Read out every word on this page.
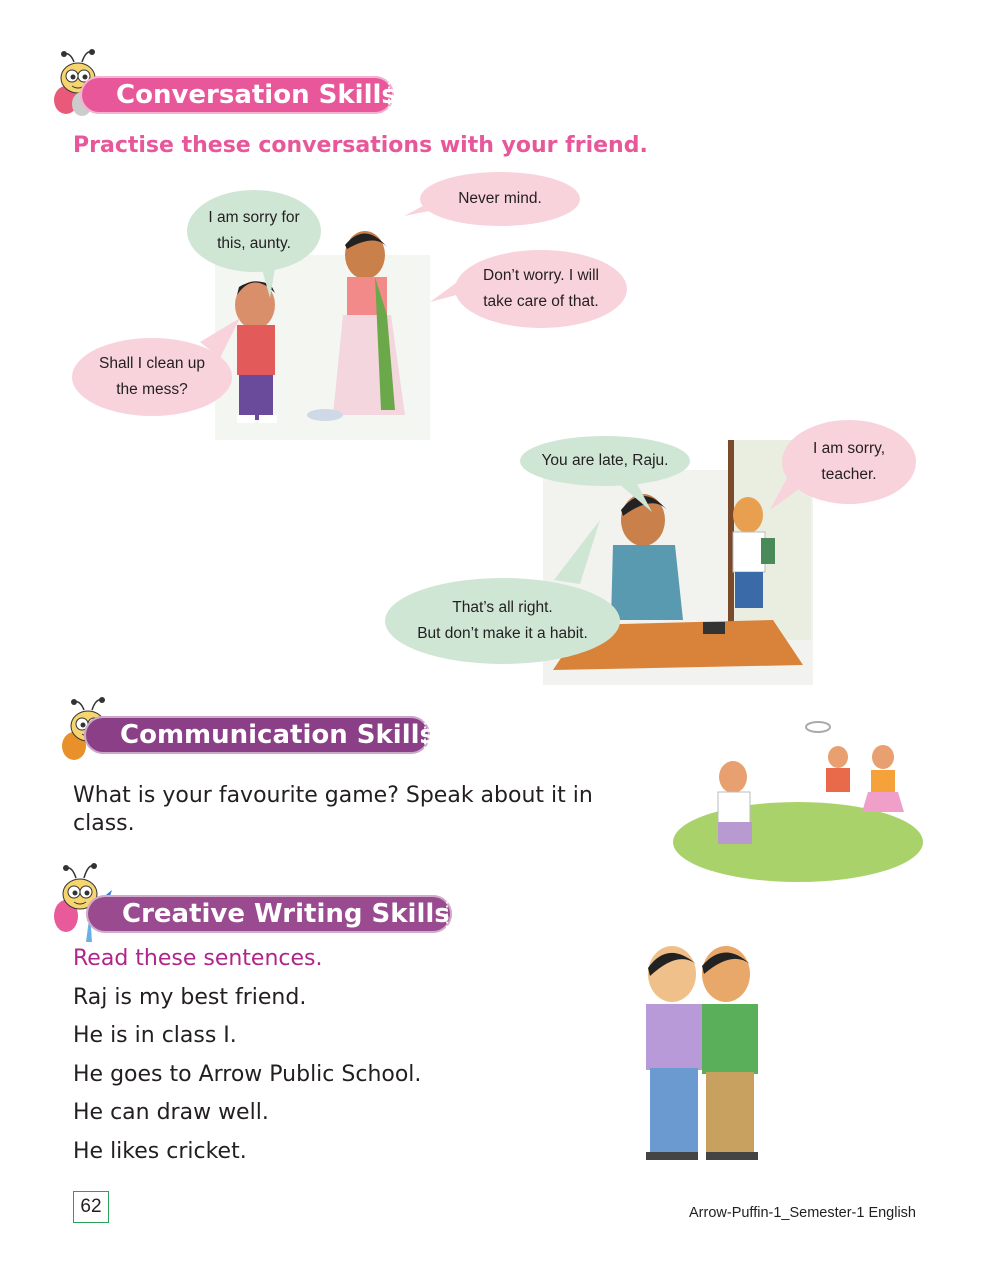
Conversation Skills
Practise these conversations with your friend.
I am sorry for
this, aunty.
Never mind.
Don’t worry. I will
take care of that.
Shall I clean up
the mess?
You are late, Raju.
I am sorry,
teacher.
That’s all right.
But don’t make it a habit.
Communication Skills
What is your favourite game? Speak about it in class.
Creative Writing Skills
Read these sentences.
Raj is my best friend.
He is in class I.
He goes to Arrow Public School.
He can draw well.
He likes cricket.
62	Arrow-Puffin-1_Semester-1 English
